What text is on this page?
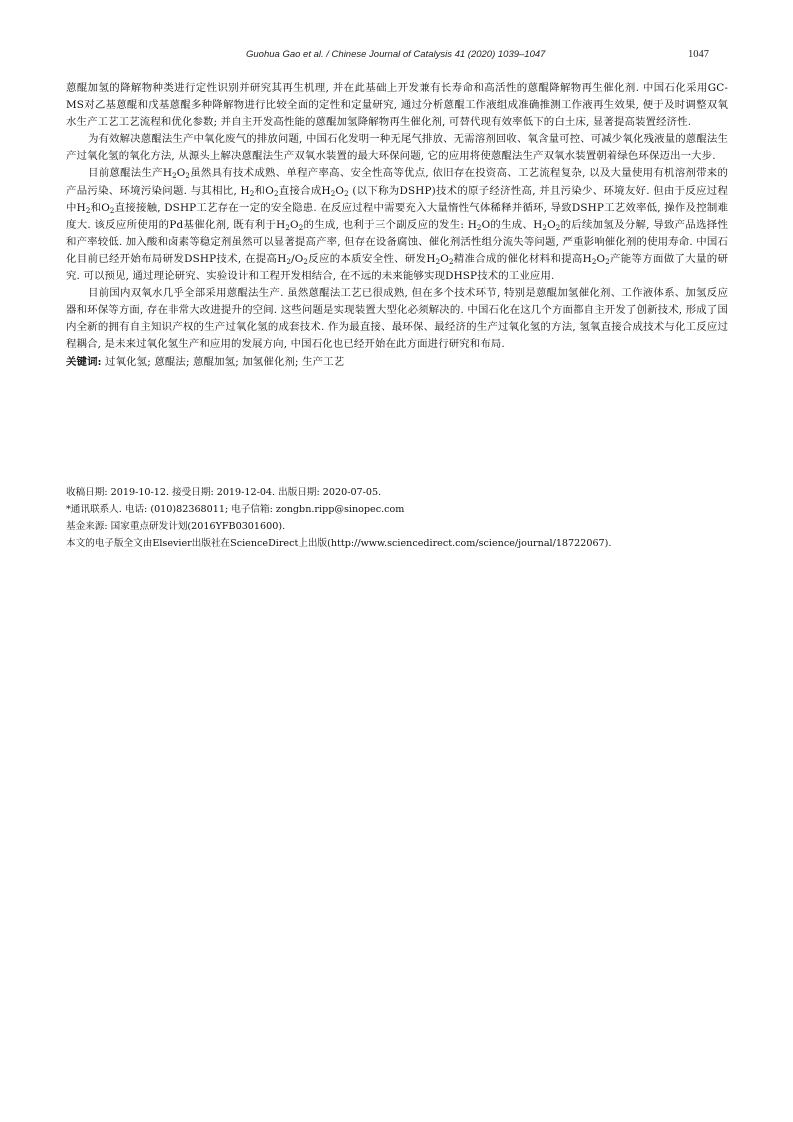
Guohua Gao et al. / Chinese Journal of Catalysis 41 (2020) 1039–1047	1047

蒽醌加氢的降解物种类进行定性识别并研究其再生机理, 并在此基础上开发兼有长寿命和高活性的蒽醌降解物再生催化剂. 中国石化采用GC-MS对乙基蒽醌和戊基蒽醌多种降解物进行比较全面的定性和定量研究, 通过分析蒽醌工作液组成准确推测工作液再生效果, 便于及时调整双氧水生产工艺工艺流程和优化参数; 并自主开发高性能的蒽醌加氢降解物再生催化剂, 可替代现有效率低下的白土床, 显著提高装置经济性.

为有效解决蒽醌法生产中氧化废气的排放问题, 中国石化发明一种无尾气排放、无需溶剂回收、氧含量可控、可减少氧化残液量的蒽醌法生产过氧化氢的氧化方法, 从源头上解决蒽醌法生产双氧水装置的最大环保问题, 它的应用将使蒽醌法生产双氧水装置朝着绿色环保迈出一大步.

目前蒽醌法生产$H_2O_2$虽然具有技术成熟、单程产率高、安全性高等优点, 依旧存在投资高、工艺流程复杂, 以及大量使用有机溶剂带来的产品污染、环境污染问题. 与其相比, $H_2$和$O_2$直接合成$H_2O_2$ (以下称为DSHP)技术的原子经济性高, 并且污染少、环境友好. 但由于反应过程中$H_2$和$O_2$直接接触, DSHP工艺存在一定的安全隐患. 在反应过程中需要充入大量惰性气体稀释并循环, 导致DSHP工艺效率低, 操作及控制难度大. 该反应所使用的Pd基催化剂, 既有利于$H_2O_2$的生成, 也利于三个副反应的发生: $H_2O$的生成、$H_2O_2$的后续加氢及分解, 导致产品选择性和产率较低. 加入酸和卤素等稳定剂虽然可以显著提高产率, 但存在设备腐蚀、催化剂活性组分流失等问题, 严重影响催化剂的使用寿命. 中国石化目前已经开始布局研发DSHP技术, 在提高$H_2/O_2$反应的本质安全性、研发$H_2O_2$精准合成的催化材料和提高$H_2O_2$产能等方面做了大量的研究. 可以预见, 通过理论研究、实验设计和工程开发相结合, 在不远的未来能够实现DHSP技术的工业应用.

目前国内双氧水几乎全部采用蒽醌法生产. 虽然蒽醌法工艺已很成熟, 但在多个技术环节, 特别是蒽醌加氢催化剂、工作液体系、加氢反应器和环保等方面, 存在非常大改进提升的空间. 这些问题是实现装置大型化必须解决的. 中国石化在这几个方面都自主开发了创新技术, 形成了国内全新的拥有自主知识产权的生产过氧化氢的成套技术. 作为最直接、最环保、最经济的生产过氧化氢的方法, 氢氧直接合成技术与化工反应过程耦合, 是未来过氧化氢生产和应用的发展方向, 中国石化也已经开始在此方面进行研究和布局.

关键词: 过氧化氢; 蒽醌法; 蒽醌加氢; 加氢催化剂; 生产工艺

收稿日期: 2019-10-12. 接受日期: 2019-12-04. 出版日期: 2020-07-05.
*通讯联系人. 电话: (010)82368011; 电子信箱: zongbn.ripp@sinopec.com
基金来源: 国家重点研发计划(2016YFB0301600).
本文的电子版全文由Elsevier出版社在ScienceDirect上出版(http://www.sciencedirect.com/science/journal/18722067).
